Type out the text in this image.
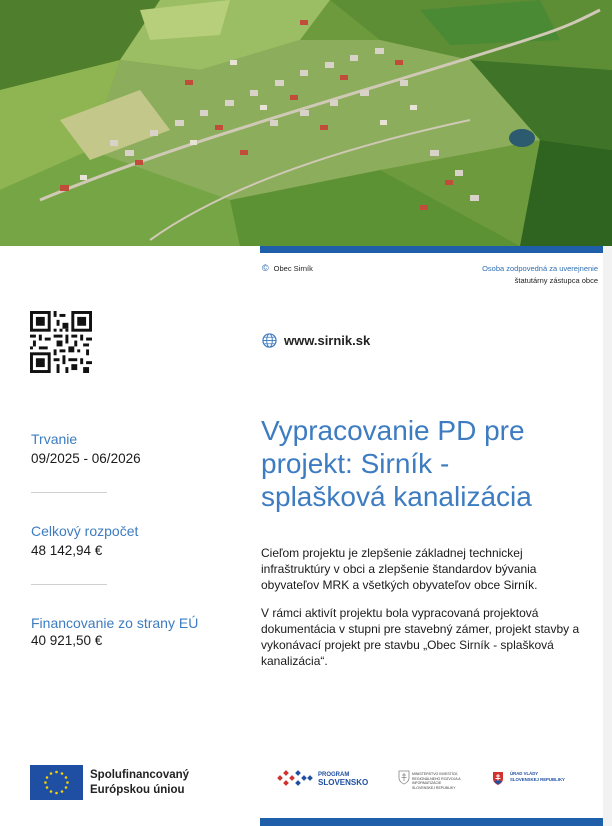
© Obec Sirník	Osoba zodpovedná za uverejnenie
štatutárny zástupca obce
www.sirnik.sk
Trvanie
09/2025 - 06/2026
Celkový rozpočet
48 142,94 €
Financovanie zo strany EÚ
40 921,50 €
Vypracovanie PD pre projekt: Sirník - splašková kanalizácia
Cieľom projektu je zlepšenie základnej technickej infraštruktúry v obci a zlepšenie štandardov bývania obyvateľov MRK a všetkých obyvateľov obce Sirník.
V rámci aktivít projektu bola vypracovaná projektová dokumentácia v stupni pre stavebný zámer, projekt stavby a vykonávací projekt pre stavbu „Obec Sirník - splašková kanalizácia“.
Spolufinancovaný
Európskou úniou
PROGRAM
SLOVENSKO
MINISTERSTVO INVESTÍCIÍ, REGIONÁLNEHO ROZVOJA A INFORMATIZÁCIE SLOVENSKEJ REPUBLIKY
ÚRAD VLÁDY
SLOVENSKEJ REPUBLIKY
